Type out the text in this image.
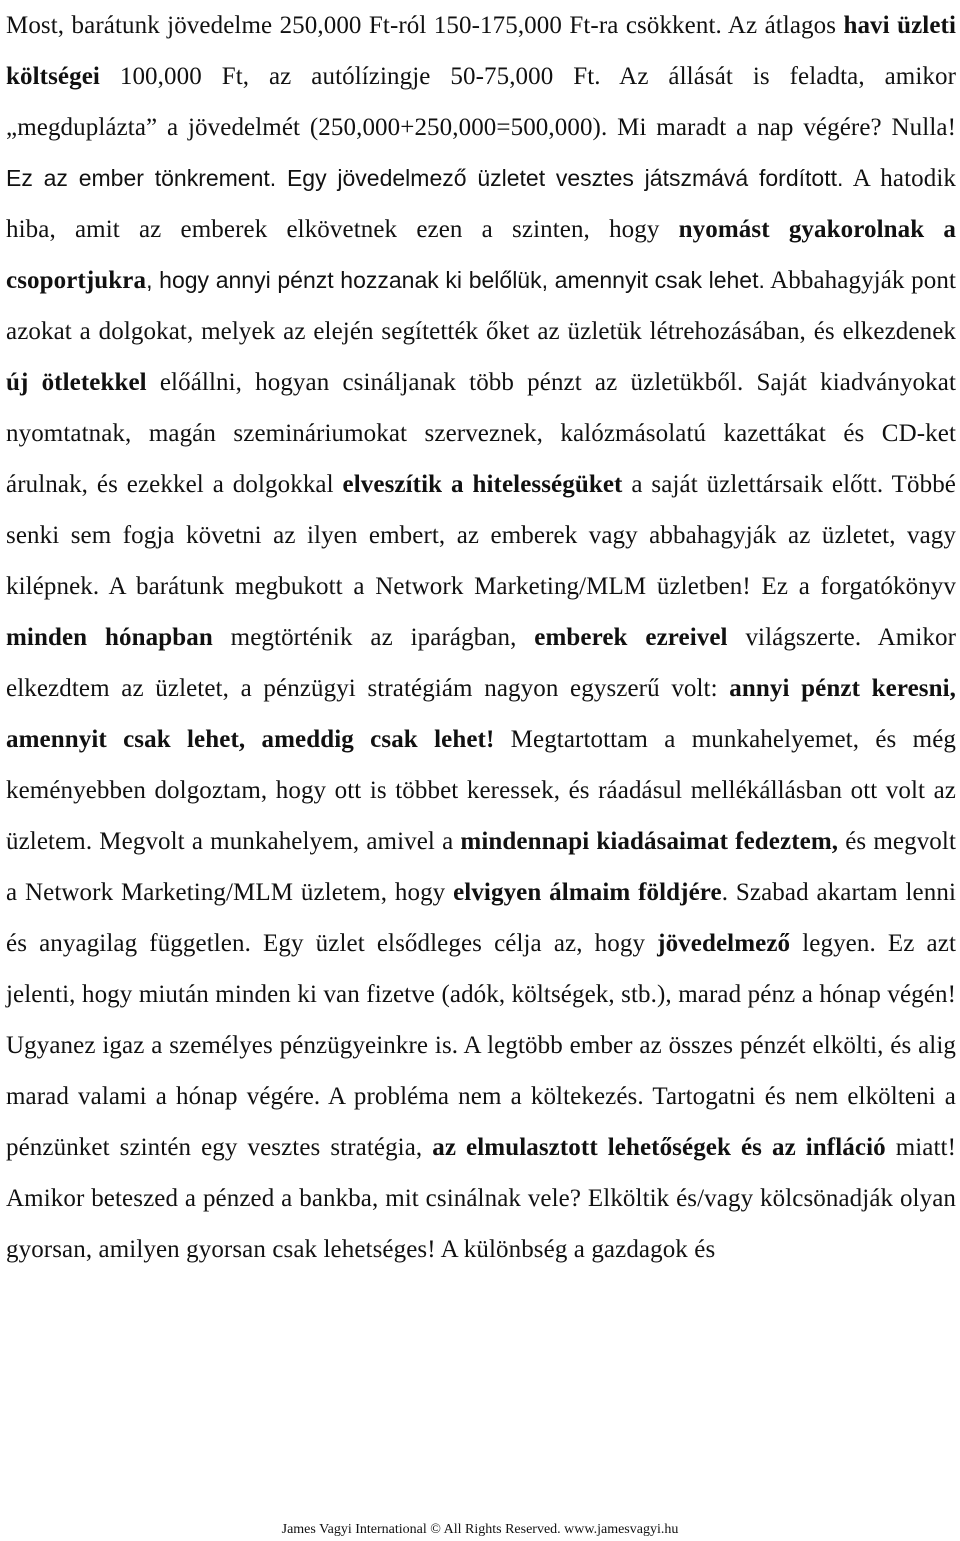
Most, barátunk jövedelme 250,000 Ft-ról 150-175,000 Ft-ra csökkent. Az átlagos havi üzleti költségei 100,000 Ft, az autólízingje 50-75,000 Ft. Az állását is feladta, amikor „megduplázta” a jövedelmét (250,000+250,000=500,000). Mi maradt a nap végére? Nulla! Ez az ember tönkrement. Egy jövedelmező üzletet vesztes játszmává fordított. A hatodik hiba, amit az emberek elkövetnek ezen a szinten, hogy nyomást gyakorolnak a csoportjukra, hogy annyi pénzt hozzanak ki belőlük, amennyit csak lehet. Abbahagyják pont azokat a dolgokat, melyek az elején segítették őket az üzletük létrehozásában, és elkezdenek új ötletekkel előállni, hogyan csináljanak több pénzt az üzletükből. Saját kiadványokat nyomtatnak, magán szemináriumokat szerveznek, kalózmásolatú kazettákat és CD-ket árulnak, és ezekkel a dolgokkal elveszítik a hitelességüket a saját üzlettársaik előtt. Többé senki sem fogja követni az ilyen embert, az emberek vagy abbahagyják az üzletet, vagy kilépnek. A barátunk megbukott a Network Marketing/MLM üzletben! Ez a forgatókönyv minden hónapban megtörténik az iparágban, emberek ezreivel világszerte. Amikor elkezdtem az üzletet, a pénzügyi stratégiám nagyon egyszerű volt: annyi pénzt keresni, amennyit csak lehet, ameddig csak lehet! Megtartottam a munkahelyemet, és még keményebben dolgoztam, hogy ott is többet keressek, és ráadásul mellékállásban ott volt az üzletem. Megvolt a munkahelyem, amivel a mindennapi kiadásaimat fedeztem, és megvolt a Network Marketing/MLM üzletem, hogy elvigyen álmaim földjére. Szabad akartam lenni és anyagilag független. Egy üzlet elsődleges célja az, hogy jövedelmező legyen. Ez azt jelenti, hogy miután minden ki van fizetve (adók, költségek, stb.), marad pénz a hónap végén! Ugyanez igaz a személyes pénzügyeinkre is. A legtöbb ember az összes pénzét elkölti, és alig marad valami a hónap végére. A probléma nem a költekezés. Tartogatni és nem elkölteni a pénzünket szintén egy vesztes stratégia, az elmulasztott lehetőségek és az infláció miatt! Amikor beteszed a pénzed a bankba, mit csinálnak vele? Elköltik és/vagy kölcsönadják olyan gyorsan, amilyen gyorsan csak lehetséges! A különbség a gazdagok és

James Vagyi International © All Rights Reserved. www.jamesvagyi.hu
